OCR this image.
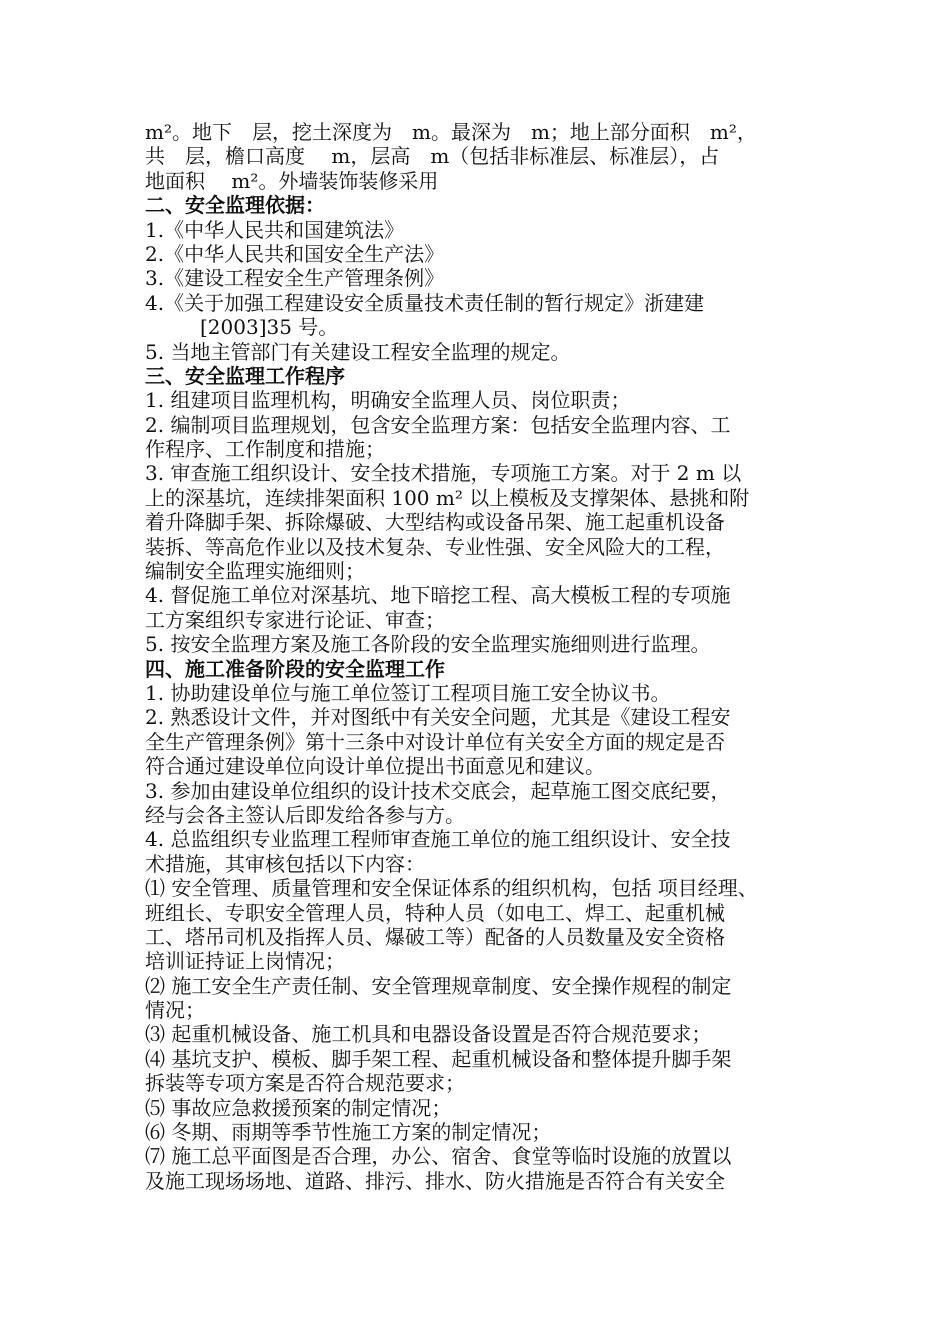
m²。地下　层，挖土深度为　m。最深为　m；地上部分面积　m²，
共　层，檐口高度　 m，层高　m（包括非标准层、标准层），占
地面积　 m²。外墙装饰装修采用
二、安全监理依据：
1.《中华人民共和国建筑法》
2.《中华人民共和国安全生产法》
3.《建设工程安全生产管理条例》
4.《关于加强工程建设安全质量技术责任制的暂行规定》浙建建
[2003]35 号。
5. 当地主管部门有关建设工程安全监理的规定。
三、安全监理工作程序
1. 组建项目监理机构，明确安全监理人员、岗位职责；
2. 编制项目监理规划，包含安全监理方案：包括安全监理内容、工
作程序、工作制度和措施；
3. 审查施工组织设计、安全技术措施，专项施工方案。对于 2 m 以
上的深基坑，连续排架面积 100 m² 以上模板及支撑架体、悬挑和附
着升降脚手架、拆除爆破、大型结构或设备吊架、施工起重机设备
装拆、等高危作业以及技术复杂、专业性强、安全风险大的工程，
编制安全监理实施细则；
4. 督促施工单位对深基坑、地下暗挖工程、高大模板工程的专项施
工方案组织专家进行论证、审查；
5. 按安全监理方案及施工各阶段的安全监理实施细则进行监理。
四、施工准备阶段的安全监理工作
1. 协助建设单位与施工单位签订工程项目施工安全协议书。
2. 熟悉设计文件，并对图纸中有关安全问题，尤其是《建设工程安
全生产管理条例》第十三条中对设计单位有关安全方面的规定是否
符合通过建设单位向设计单位提出书面意见和建议。
3. 参加由建设单位组织的设计技术交底会，起草施工图交底纪要，
经与会各主签认后即发给各参与方。
4. 总监组织专业监理工程师审查施工单位的施工组织设计、安全技
术措施，其审核包括以下内容：
⑴ 安全管理、质量管理和安全保证体系的组织机构，包括 项目经理、
班组长、专职安全管理人员，特种人员（如电工、焊工、起重机械
工、塔吊司机及指挥人员、爆破工等）配备的人员数量及安全资格
培训证持证上岗情况；
⑵ 施工安全生产责任制、安全管理规章制度、安全操作规程的制定
情况；
⑶ 起重机械设备、施工机具和电器设备设置是否符合规范要求；
⑷ 基坑支护、模板、脚手架工程、起重机械设备和整体提升脚手架
拆装等专项方案是否符合规范要求；
⑸ 事故应急救援预案的制定情况；
⑹ 冬期、雨期等季节性施工方案的制定情况；
⑺ 施工总平面图是否合理，办公、宿舍、食堂等临时设施的放置以
及施工现场场地、道路、排污、排水、防火措施是否符合有关安全
